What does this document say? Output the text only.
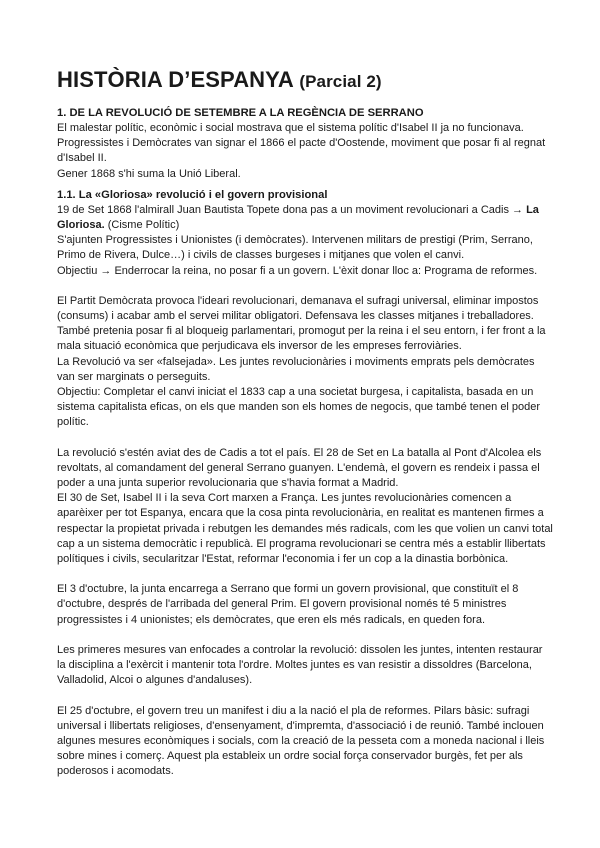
HISTÒRIA D’ESPANYA (Parcial 2)
1. DE LA REVOLUCIÓ DE SETEMBRE A LA REGÈNCIA DE SERRANO

El malestar polític, econòmic i social mostrava que el sistema polític d'Isabel II ja no funcionava. Progressistes i Demòcrates van signar el 1866 el pacte d'Oostende, moviment que posar fi al regnat d'Isabel II.

Gener 1868 s'hi suma la Unió Liberal.

1.1. La «Gloriosa» revolució i el govern provisional

19 de Set 1868 l'almirall Juan Bautista Topete dona pas a un moviment revolucionari a Cadis → La Gloriosa. (Cisme Polític)

S'ajunten Progressistes i Unionistes (i demòcrates). Intervenen militars de prestigi (Prim, Serrano, Primo de Rivera, Dulce…) i civils de classes burgeses i mitjanes que volen el canvi.

Objectiu → Enderrocar la reina, no posar fi a un govern. L'èxit donar lloc a: Programa de reformes.

El Partit Demòcrata provoca l'ideari revolucionari, demanava el sufragi universal, eliminar impostos (consums) i acabar amb el servei militar obligatori. Defensava les classes mitjanes i treballadores. També pretenia posar fi al bloqueig parlamentari, promogut per la reina i el seu entorn, i fer front a la mala situació econòmica que perjudicava els inversor de les empreses ferroviàries.

La Revolució va ser «falsejada». Les juntes revolucionàries i moviments emprats pels demòcrates van ser marginats o perseguits.

Objectiu: Completar el canvi iniciat el 1833 cap a una societat burgesa, i capitalista, basada en un sistema capitalista eficas, on els que manden son els homes de negocis, que també tenen el poder polític.

La revolució s'estén aviat des de Cadis a tot el país. El 28 de Set en La batalla al Pont d'Alcolea els revoltats, al comandament del general Serrano guanyen. L'endemà, el govern es rendeix i passa el poder a una junta superior revolucionaria que s'havia format a Madrid.

El 30 de Set, Isabel II i la seva Cort marxen a França. Les juntes revolucionàries comencen a aparèixer per tot Espanya, encara que la cosa pinta revolucionària, en realitat es mantenen firmes a respectar la propietat privada i rebutgen les demandes més radicals, com les que volien un canvi total cap a un sistema democràtic i republicà. El programa revolucionari se centra més a establir llibertats polítiques i civils, secularitzar l'Estat, reformar l'economia i fer un cop a la dinastia borbònica.

El 3 d'octubre, la junta encarrega a Serrano que formi un govern provisional, que constituït el 8 d'octubre, després de l'arribada del general Prim. El govern provisional només té 5 ministres progressistes i 4 unionistes; els demòcrates, que eren els més radicals, en queden fora.

Les primeres mesures van enfocades a controlar la revolució: dissolen les juntes, intenten restaurar la disciplina a l'exèrcit i mantenir tota l'ordre. Moltes juntes es van resistir a dissoldres (Barcelona, Valladolid, Alcoi o algunes d'andaluses).

El 25 d'octubre, el govern treu un manifest i diu a la nació el pla de reformes. Pilars bàsic: sufragi universal i llibertats religioses, d'ensenyament, d'impremta, d'associació i de reunió. També inclouen algunes mesures econòmiques i socials, com la creació de la pesseta com a moneda nacional i lleis sobre mines i comerç. Aquest pla estableix un ordre social força conservador burgès, fet per als poderosos i acomodats.
